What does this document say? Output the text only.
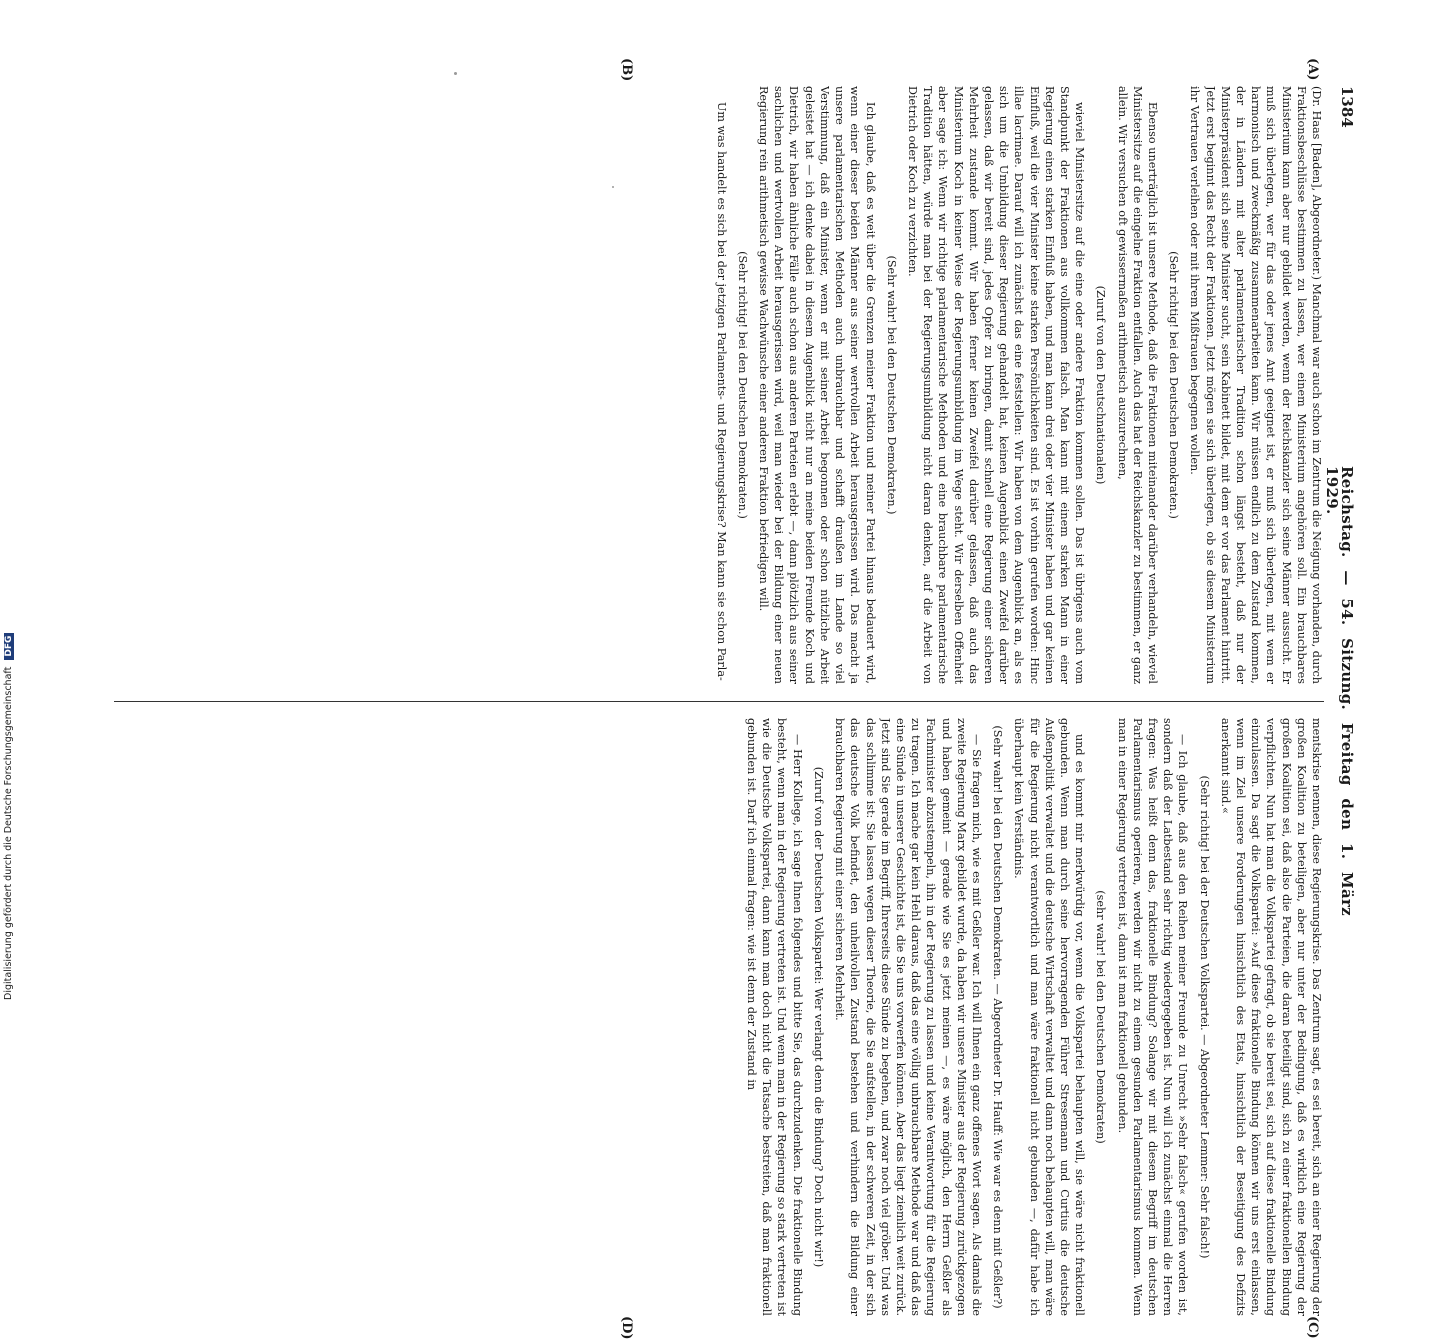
1384
Reichstag. — 54. Sitzung. Freitag den 1. März 1929.
(A)
(B)
(C)
(D)

(Dr. Haas [Baden], Abgeordneter.) Manchmal war auch schon im Zentrum die Neigung vorhanden, durch Fraktionsbeschlüsse bestimmen zu lassen, wer einem Ministerium angehören soll. Ein brauchbares Ministerium kann aber nur gebildet werden, wenn der Reichskanzler sich seine Männer aussucht. Er muß sich überlegen, wer für das oder jenes Amt geeignet ist, er muß sich überlegen, mit wem er harmonisch und zweckmäßig zusammenarbeiten kann. Wir müssen endlich zu dem Zustand kommen, der in Ländern mit alter parlamentarischer Tradition schon längst besteht, daß nur der Ministerpräsident sich seine Minister sucht, sein Kabinett bildet, mit dem er vor das Parlament hintritt. Jetzt erst beginnt das Recht der Fraktionen. Jetzt mögen sie sich überlegen, ob sie diesem Ministerium ihr Vertrauen verleihen oder mit ihrem Mißtrauen begegnen wollen.

(Sehr richtig! bei den Deutschen Demokraten.)

Ebenso unerträglich ist unsere Methode, daß die Fraktionen miteinander darüber verhandeln, wieviel Ministersitze auf die eingelne Fraktion entfallen. Auch das hat der Reichskanzler zu bestimmen, er ganz allein. Wir versuchen oft gewissermaßen arithmetisch auszurechnen,

(Zuruf von den Deutschnationalen)

wieviel Ministersitze auf die eine oder andere Fraktion kommen sollen. Das ist übrigens auch vom Standpunkt der Fraktionen aus vollkommen falsch. Man kann mit einem starken Mann in einer Regierung einen starken Einfluß haben, und man kann drei oder vier Minister haben und gar keinen Einfluß, weil die vier Minister keine starken Persönlichkeiten sind. Es ist vorhin gerufen worden: Hinc illae lacrimae. Darauf will ich zunächst das eine feststellen: Wir haben von dem Augenblick an, als es sich um die Umbildung dieser Regierung gehandelt hat, keinen Augenblick einen Zweifel darüber gelassen, daß wir bereit sind, jedes Opfer zu bringen, damit schnell eine Regierung einer sicheren Mehrheit zustande kommt. Wir haben ferner keinen Zweifel darüber gelassen, daß auch das Ministerium Koch in keiner Weise der Regierungsumbildung im Wege steht. Wir derselben Offenheit aber sage ich: Wenn wir richtige parlamentarische Methoden und eine brauchbare parlamentarische Tradition hätten, würde man bei der Regierungsumbildung nicht daran denken, auf die Arbeit von Dietrich oder Koch zu verzichten.

(Sehr wahr! bei den Deutschen Demokraten.)

Ich glaube, daß es weit über die Grenzen meiner Fraktion und meiner Partei hinaus bedauert wird, wenn einer dieser beiden Männer aus seiner wertvollen Arbeit herausgerissen wird. Das macht ja unsere parlamentarischen Methoden auch unbrauchbar und schafft draußen im Lande so viel Verstimmung, daß ein Minister, wenn er mit seiner Arbeit begonnen oder schon nützliche Arbeit geleistet hat — ich denke dabei in diesem Augenblick nicht nur an meine beiden Freunde Koch und Dietrich, wir haben ähnliche Fälle auch schon aus anderen Parteien erlebt —, dann plötzlich aus seiner sachlichen und wertvollen Arbeit herausgerissen wird, weil man wieder bei der Bildung einer neuen Regierung rein arithmetisch gewisse Wachwünsche einer anderen Fraktion befriedigen will.

(Sehr richtig! bei den Deutschen Demokraten.)

Um was handelt es sich bei der jetzigen Parlaments- und Regierungskrise? Man kann sie schon Parla-

mentskrise nennen, diese Regierungskrise. Das Zentrum sagt, es sei bereit, sich an einer Regierung der großen Koalition zu beteiligen, aber nur unter der Bedingung, daß es wirklich eine Regierung der großen Koalition sei, daß also die Parteien, die daran beteiligt sind, sich zu einer fraktionellen Bindung verpflichten. Nun hat man die Volkspartei gefragt, ob sie bereit sei, sich auf diese fraktionelle Bindung einzulassen. Da sagt die Volkspartei: »Auf diese fraktionelle Bindung können wir uns erst einlassen, wenn im Ziel unsere Forderungen hinsichtlich des Etats, hinsichtlich der Beseitigung des Defizits anerkannt sind.«

(Sehr richtig! bei der Deutschen Volkspartei. — Abgeordneter Lemmer: Sehr falsch!)

— Ich glaube, daß aus den Reihen meiner Freunde zu Unrecht »Sehr falsch« gerufen worden ist, sondern daß der Latbestand sehr richtig wiedergegeben ist. Nun will ich zunächst einmal die Herren fragen: Was heißt denn das, fraktionelle Bindung? Solange wir mit diesem Begriff im deutschen Parlamentarismus operieren, werden wir nicht zu einem gesunden Parlamentarismus kommen. Wenn man in einer Regierung vertreten ist, dann ist man fraktionell gebunden.

(sehr wahr! bei den Deutschen Demokraten)

und es kommt mir merkwürdig vor, wenn die Volkspartei behaupten will, sie wäre nicht fraktionell gebunden. Wenn man durch seine hervorragenden Führer Stresemann und Curtius die deutsche Außenpolitik verwaltet und die deutsche Wirtschaft verwaltet und dann noch behaupten will, man wäre für die Regierung nicht verantwortlich und man wäre fraktionell nicht gebunden —, dafür habe ich überhaupt kein Verständnis.

(Sehr wahr! bei den Deutschen Demokraten. — Abgeordneter Dr. Hauff: Wie war es denn mit Geßler?)

— Sie fragen mich, wie es mit Geßler war. Ich will Ihnen ein ganz offenes Wort sagen. Als damals die zweite Regierung Marx gebildet wurde, da haben wir unsere Minister aus der Regierung zurückgezogen und haben gemeint — gerade wie Sie es jetzt meinen —, es wäre möglich, den Herrn Geßler als Fachminister abzustempeln, ihn in der Regierung zu lassen und keine Verantwortung für die Regierung zu tragen. Ich mache gar kein Hehl daraus, daß das eine völlig unbrauchbare Methode war und daß das eine Sünde in unserer Geschichte ist, die Sie uns vorwerfen können. Aber das liegt ziemlich weit zurück. Jetzt sind Sie gerade im Begriff, Ihrerseits diese Sünde zu begehen, und zwar noch viel gröber. Und was das schlimme ist: Sie lassen wegen dieser Theorie, die Sie aufstellen, in der schweren Zeit, in der sich das deutsche Volk befindet, den unheilvollen Zustand bestehen und verhindern die Bildung einer brauchbaren Regierung mit einer sicheren Mehrheit.

(Zuruf von der Deutschen Volkspartei: Wer verlangt denn die Bindung? Doch nicht wir!)

— Herr Kollege, ich sage Ihnen folgendes und bitte Sie, das durchzudenken. Die fraktionelle Bindung besteht, wenn man in der Regierung vertreten ist. Und wenn man in der Regierung so stark vertreten ist wie die Deutsche Volkspartei, dann kann man doch nicht die Tatsache bestreiten, daß man fraktionell gebunden ist. Darf ich einmal fragen: wie ist denn der Zustand in

Digitalisierung gefördert durch die Deutsche Forschungsgemeinschaft DFG
